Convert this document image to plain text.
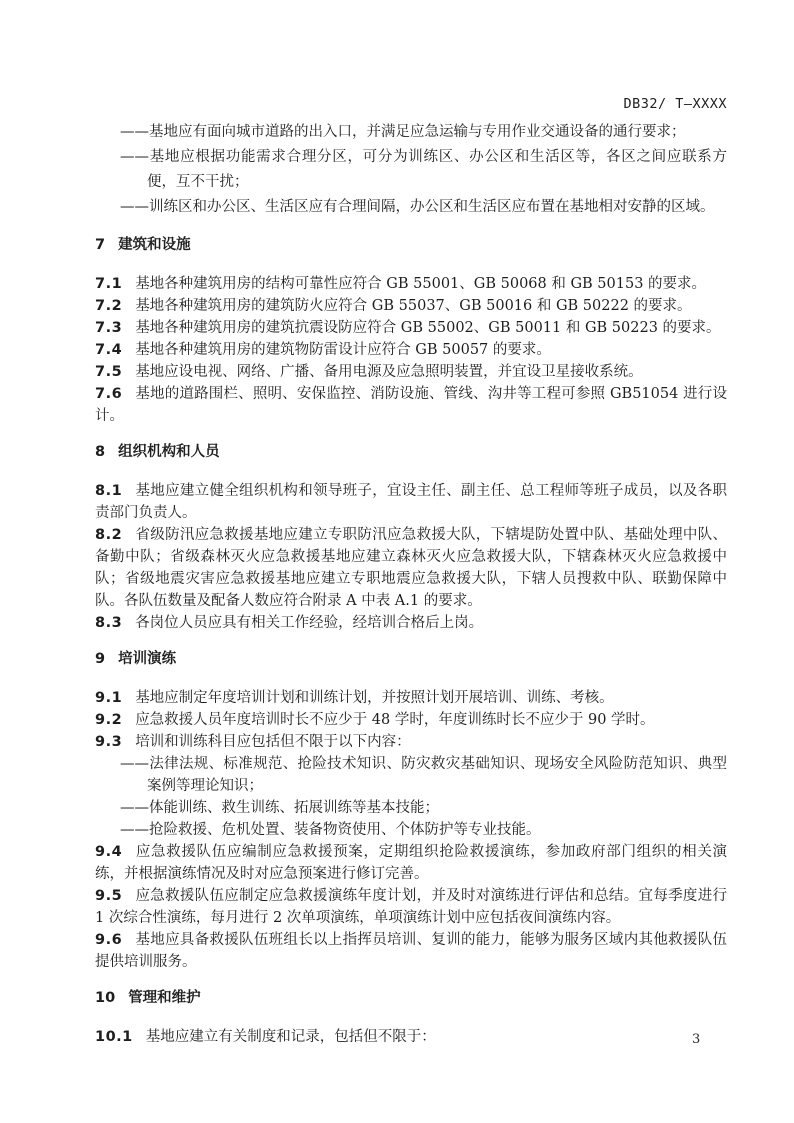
DB32/ T—XXXX
——基地应有面向城市道路的出入口，并满足应急运输与专用作业交通设备的通行要求；
——基地应根据功能需求合理分区，可分为训练区、办公区和生活区等，各区之间应联系方便，互不干扰；
——训练区和办公区、生活区应有合理间隔，办公区和生活区应布置在基地相对安静的区域。
7 建筑和设施

7.1 基地各种建筑用房的结构可靠性应符合 GB 55001、GB 50068 和 GB 50153 的要求。

7.2 基地各种建筑用房的建筑防火应符合 GB 55037、GB 50016 和 GB 50222 的要求。

7.3 基地各种建筑用房的建筑抗震设防应符合 GB 55002、GB 50011 和 GB 50223 的要求。

7.4 基地各种建筑用房的建筑物防雷设计应符合 GB 50057 的要求。

7.5 基地应设电视、网络、广播、备用电源及应急照明装置，并宜设卫星接收系统。

7.6 基地的道路围栏、照明、安保监控、消防设施、管线、沟井等工程可参照 GB51054 进行设计。

8 组织机构和人员

8.1 基地应建立健全组织机构和领导班子，宜设主任、副主任、总工程师等班子成员，以及各职责部门负责人。

8.2 省级防汛应急救援基地应建立专职防汛应急救援大队，下辖堤防处置中队、基础处理中队、备勤中队；省级森林灭火应急救援基地应建立森林灭火应急救援大队，下辖森林灭火应急救援中队；省级地震灾害应急救援基地应建立专职地震应急救援大队，下辖人员搜救中队、联勤保障中队。各队伍数量及配备人数应符合附录 A 中表 A.1 的要求。

8.3 各岗位人员应具有相关工作经验，经培训合格后上岗。

9 培训演练

9.1 基地应制定年度培训计划和训练计划，并按照计划开展培训、训练、考核。

9.2 应急救援人员年度培训时长不应少于 48 学时，年度训练时长不应少于 90 学时。

9.3 培训和训练科目应包括但不限于以下内容：

——法律法规、标准规范、抢险技术知识、防灾救灾基础知识、现场安全风险防范知识、典型案例等理论知识；
——体能训练、救生训练、拓展训练等基本技能；
——抢险救援、危机处置、装备物资使用、个体防护等专业技能。

9.4 应急救援队伍应编制应急救援预案，定期组织抢险救援演练，参加政府部门组织的相关演练，并根据演练情况及时对应急预案进行修订完善。

9.5 应急救援队伍应制定应急救援演练年度计划，并及时对演练进行评估和总结。宜每季度进行 1 次综合性演练，每月进行 2 次单项演练，单项演练计划中应包括夜间演练内容。

9.6 基地应具备救援队伍班组长以上指挥员培训、复训的能力，能够为服务区域内其他救援队伍提供培训服务。

10 管理和维护

10.1 基地应建立有关制度和记录，包括但不限于：	3
